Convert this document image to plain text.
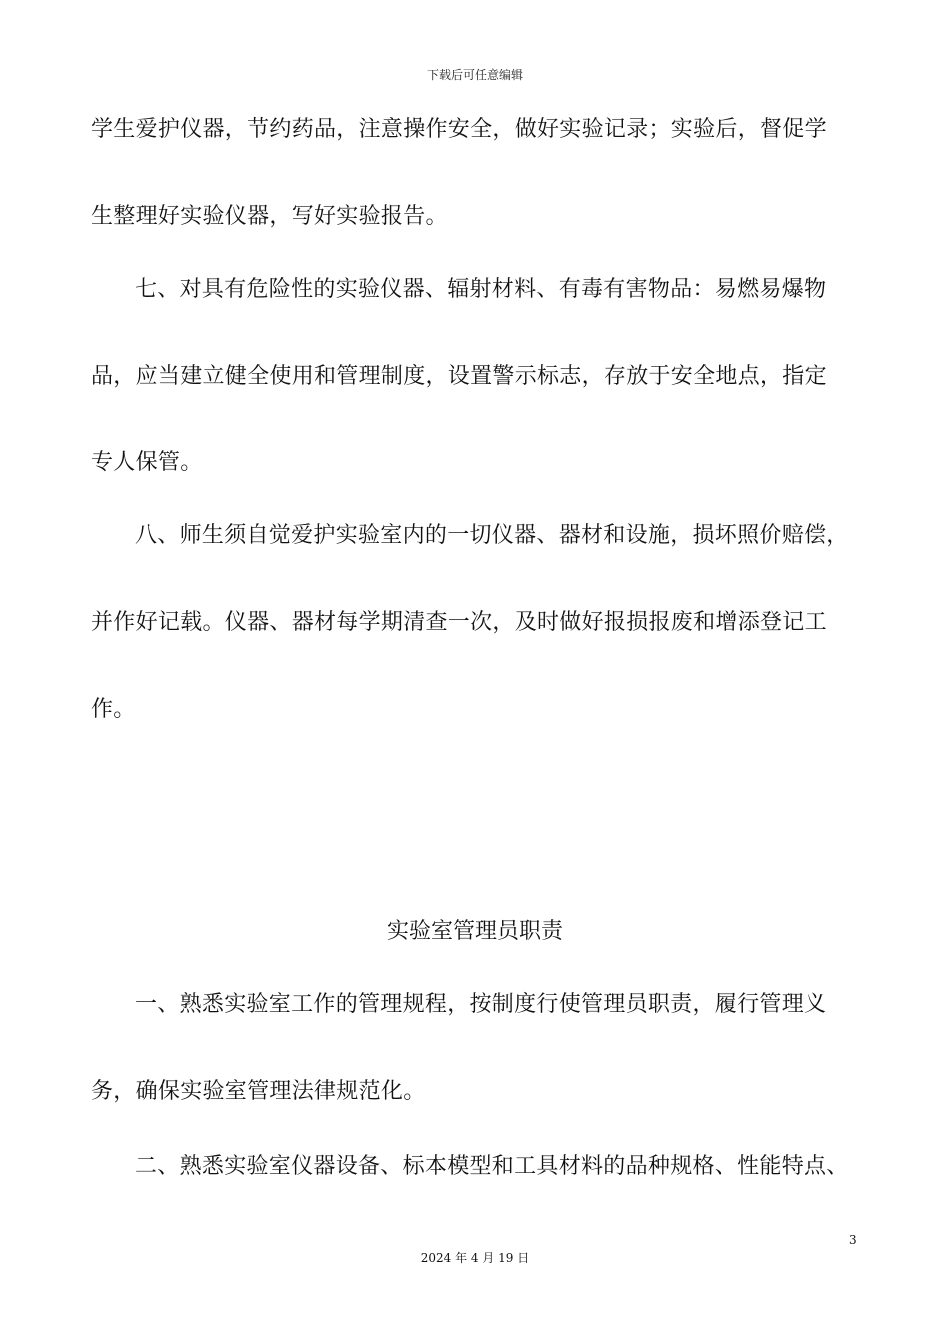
下载后可任意编辑
学生爱护仪器，节约药品，注意操作安全，做好实验记录；实验后，督促学
生整理好实验仪器，写好实验报告。
七、对具有危险性的实验仪器、辐射材料、有毒有害物品：易燃易爆物
品，应当建立健全使用和管理制度，设置警示标志，存放于安全地点，指定
专人保管。
八、师生须自觉爱护实验室内的一切仪器、器材和设施，损坏照价赔偿，
并作好记载。仪器、器材每学期清查一次，及时做好报损报废和增添登记工
作。
实验室管理员职责
一、熟悉实验室工作的管理规程，按制度行使管理员职责，履行管理义
务，确保实验室管理法律规范化。
二、熟悉实验室仪器设备、标本模型和工具材料的品种规格、性能特点、
3
2024 年 4 月 19 日
